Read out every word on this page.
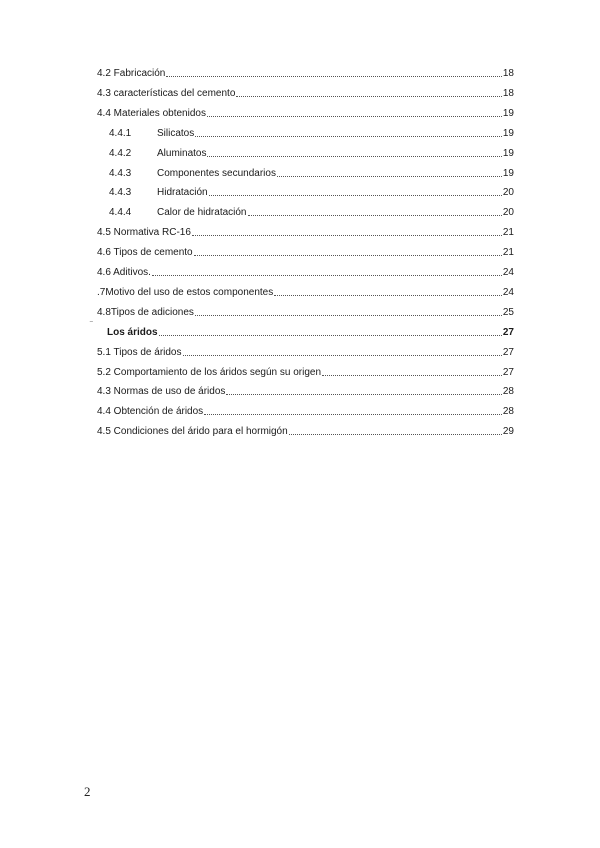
4.2 Fabricación	18
4.3 características del cemento	18
4.4 Materiales obtenidos	19
4.4.1	Silicatos	19
4.4.2	Aluminatos	19
4.4.3	Componentes secundarios	19
4.4.3	Hidratación	20
4.4.4	Calor de hidratación	20
4.5 Normativa RC-16	21
4.6 Tipos de cemento	21
4.6 Aditivos.	24
.7Motivo del uso de estos componentes	24
4.8Tipos de adiciones	25
Los áridos	27
5.1 Tipos de áridos	27
5.2 Comportamiento de los áridos según su origen	27
4.3 Normas de uso de áridos	28
4.4 Obtención de áridos	28
4.5 Condiciones del árido para el hormigón	29
‾
2
